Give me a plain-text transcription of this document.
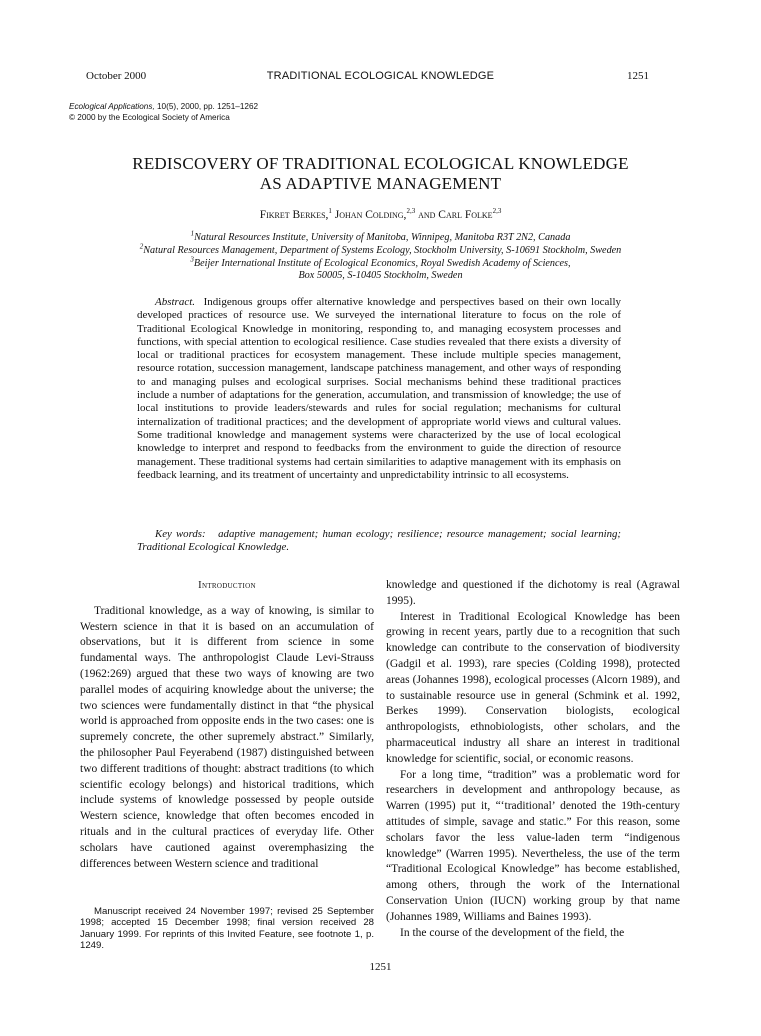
October 2000	TRADITIONAL ECOLOGICAL KNOWLEDGE	1251
Ecological Applications, 10(5), 2000, pp. 1251–1262
© 2000 by the Ecological Society of America
REDISCOVERY OF TRADITIONAL ECOLOGICAL KNOWLEDGE
AS ADAPTIVE MANAGEMENT
Fikret Berkes,$^1$ Johan Colding,$^{2,3}$ and Carl Folke$^{2,3}$
$^1$Natural Resources Institute, University of Manitoba, Winnipeg, Manitoba R3T 2N2, Canada
$^2$Natural Resources Management, Department of Systems Ecology, Stockholm University, S-10691 Stockholm, Sweden
$^3$Beijer International Institute of Ecological Economics, Royal Swedish Academy of Sciences,
Box 50005, S-10405 Stockholm, Sweden
Abstract. Indigenous groups offer alternative knowledge and perspectives based on their own locally developed practices of resource use. We surveyed the international literature to focus on the role of Traditional Ecological Knowledge in monitoring, responding to, and managing ecosystem processes and functions, with special attention to ecological resilience. Case studies revealed that there exists a diversity of local or traditional practices for ecosystem management. These include multiple species management, resource rotation, succession management, landscape patchiness management, and other ways of responding to and managing pulses and ecological surprises. Social mechanisms behind these traditional practices include a number of adaptations for the generation, accumulation, and transmission of knowledge; the use of local institutions to provide leaders/stewards and rules for social regulation; mechanisms for cultural internalization of traditional practices; and the development of appropriate world views and cultural values. Some traditional knowledge and management systems were characterized by the use of local ecological knowledge to interpret and respond to feedbacks from the environment to guide the direction of resource management. These traditional systems had certain similarities to adaptive management with its emphasis on feedback learning, and its treatment of uncertainty and unpredictability intrinsic to all ecosystems.
Key words: adaptive management; human ecology; resilience; resource management; social learning; Traditional Ecological Knowledge.
Introduction

Traditional knowledge, as a way of knowing, is similar to Western science in that it is based on an accumulation of observations, but it is different from science in some fundamental ways. The anthropologist Claude Levi-Strauss (1962:269) argued that these two ways of knowing are two parallel modes of acquiring knowledge about the universe; the two sciences were fundamentally distinct in that “the physical world is approached from opposite ends in the two cases: one is supremely concrete, the other supremely abstract.” Similarly, the philosopher Paul Feyerabend (1987) distinguished between two different traditions of thought: abstract traditions (to which scientific ecology belongs) and historical traditions, which include systems of knowledge possessed by people outside Western science, knowledge that often becomes encoded in rituals and in the cultural practices of everyday life. Other scholars have cautioned against overemphasizing the differences between Western science and traditional

knowledge and questioned if the dichotomy is real (Agrawal 1995).

Interest in Traditional Ecological Knowledge has been growing in recent years, partly due to a recognition that such knowledge can contribute to the conservation of biodiversity (Gadgil et al. 1993), rare species (Colding 1998), protected areas (Johannes 1998), ecological processes (Alcorn 1989), and to sustainable resource use in general (Schmink et al. 1992, Berkes 1999). Conservation biologists, ecological anthropologists, ethnobiologists, other scholars, and the pharmaceutical industry all share an interest in traditional knowledge for scientific, social, or economic reasons.

For a long time, “tradition” was a problematic word for researchers in development and anthropology because, as Warren (1995) put it, “‘traditional’ denoted the 19th-century attitudes of simple, savage and static.” For this reason, some scholars favor the less value-laden term “indigenous knowledge” (Warren 1995). Nevertheless, the use of the term “Traditional Ecological Knowledge” has become established, among others, through the work of the International Conservation Union (IUCN) working group by that name (Johannes 1989, Williams and Baines 1993).

In the course of the development of the field, the

Manuscript received 24 November 1997; revised 25 September 1998; accepted 15 December 1998; final version received 28 January 1999. For reprints of this Invited Feature, see footnote 1, p. 1249.

1251
